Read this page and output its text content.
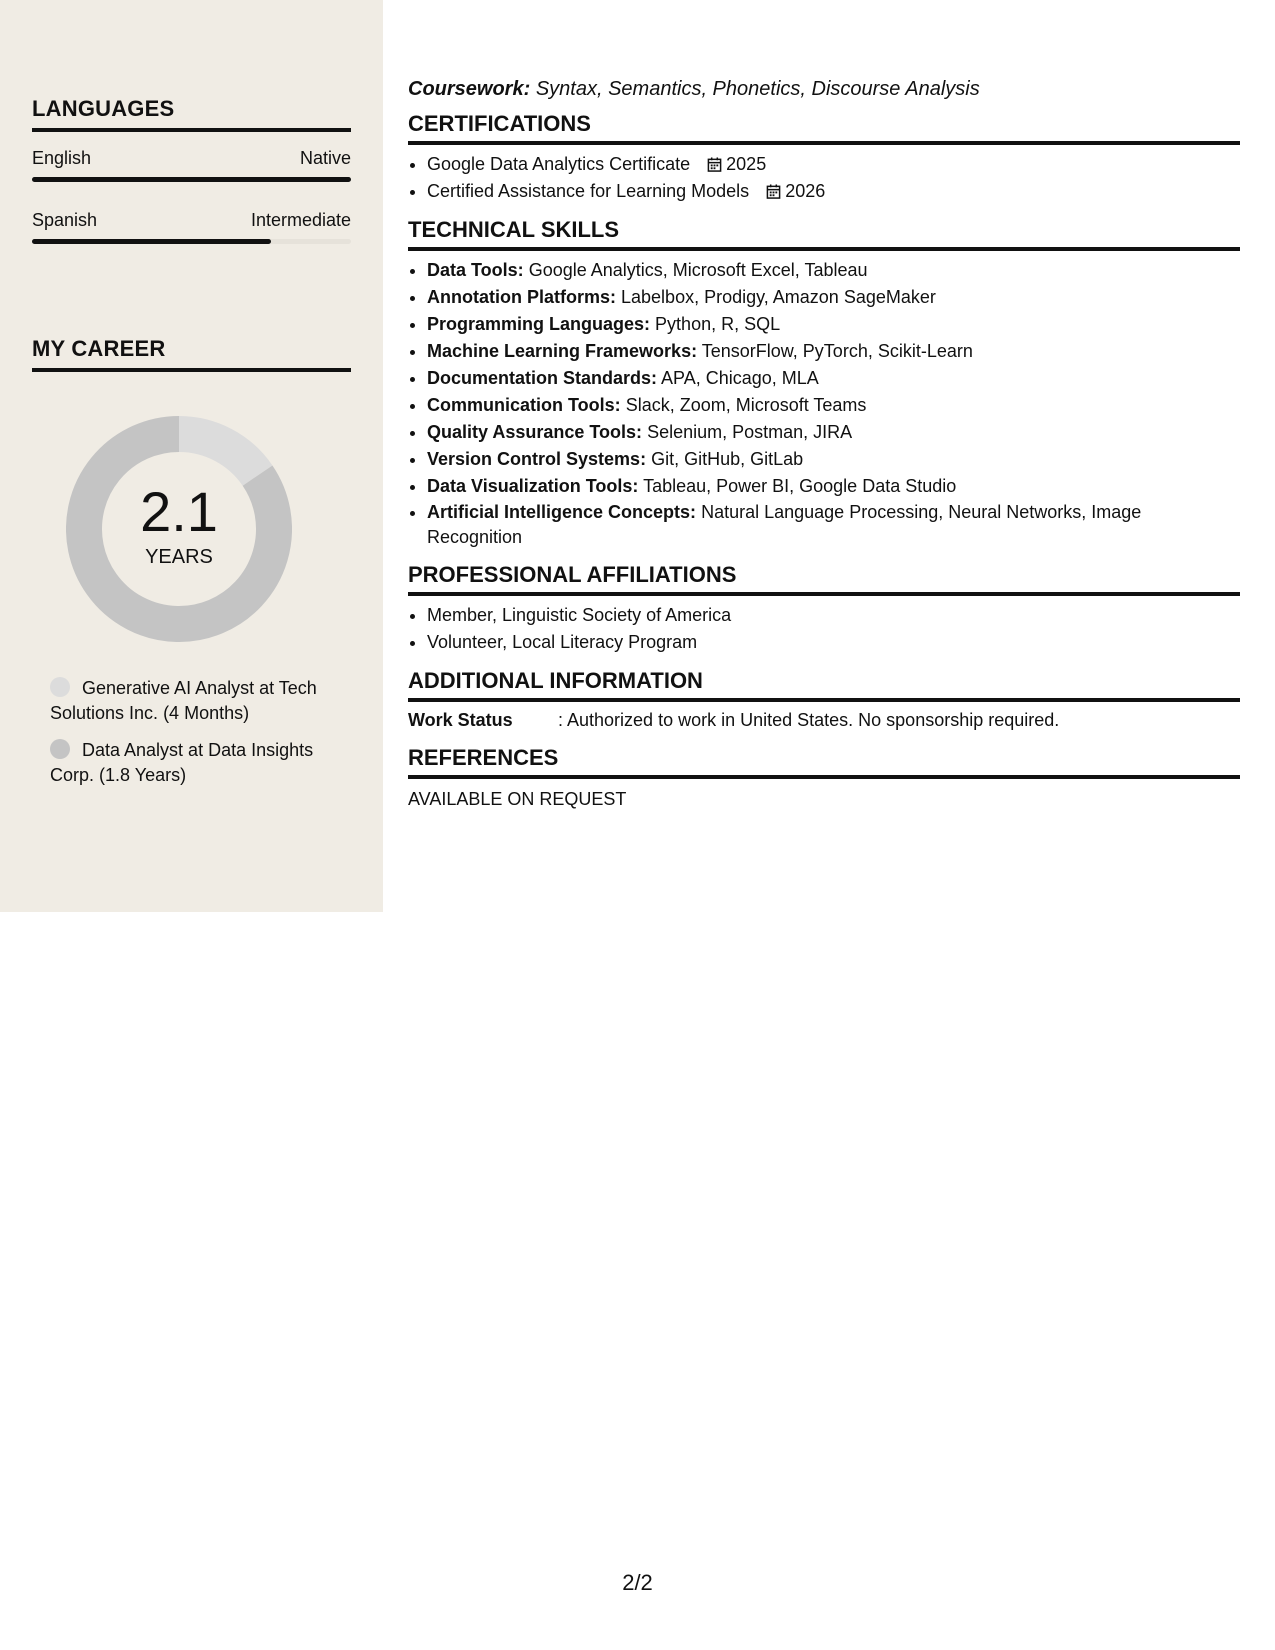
LANGUAGES
English	Native
Spanish	Intermediate
MY CAREER
2.1
YEARS
Generative AI Analyst at Tech Solutions Inc. (4 Months)
Data Analyst at Data Insights Corp. (1.8 Years)

Coursework: Syntax, Semantics, Phonetics, Discourse Analysis

CERTIFICATIONS
• Google Data Analytics Certificate 2025
• Certified Assistance for Learning Models 2026
TECHNICAL SKILLS
• Data Tools: Google Analytics, Microsoft Excel, Tableau
• Annotation Platforms: Labelbox, Prodigy, Amazon SageMaker
• Programming Languages: Python, R, SQL
• Machine Learning Frameworks: TensorFlow, PyTorch, Scikit-Learn
• Documentation Standards: APA, Chicago, MLA
• Communication Tools: Slack, Zoom, Microsoft Teams
• Quality Assurance Tools: Selenium, Postman, JIRA
• Version Control Systems: Git, GitHub, GitLab
• Data Visualization Tools: Tableau, Power BI, Google Data Studio
• Artificial Intelligence Concepts: Natural Language Processing, Neural Networks, Image Recognition
PROFESSIONAL AFFILIATIONS
• Member, Linguistic Society of America
• Volunteer, Local Literacy Program
ADDITIONAL INFORMATION
Work Status	: Authorized to work in United States. No sponsorship required.
REFERENCES
AVAILABLE ON REQUEST
2/2
